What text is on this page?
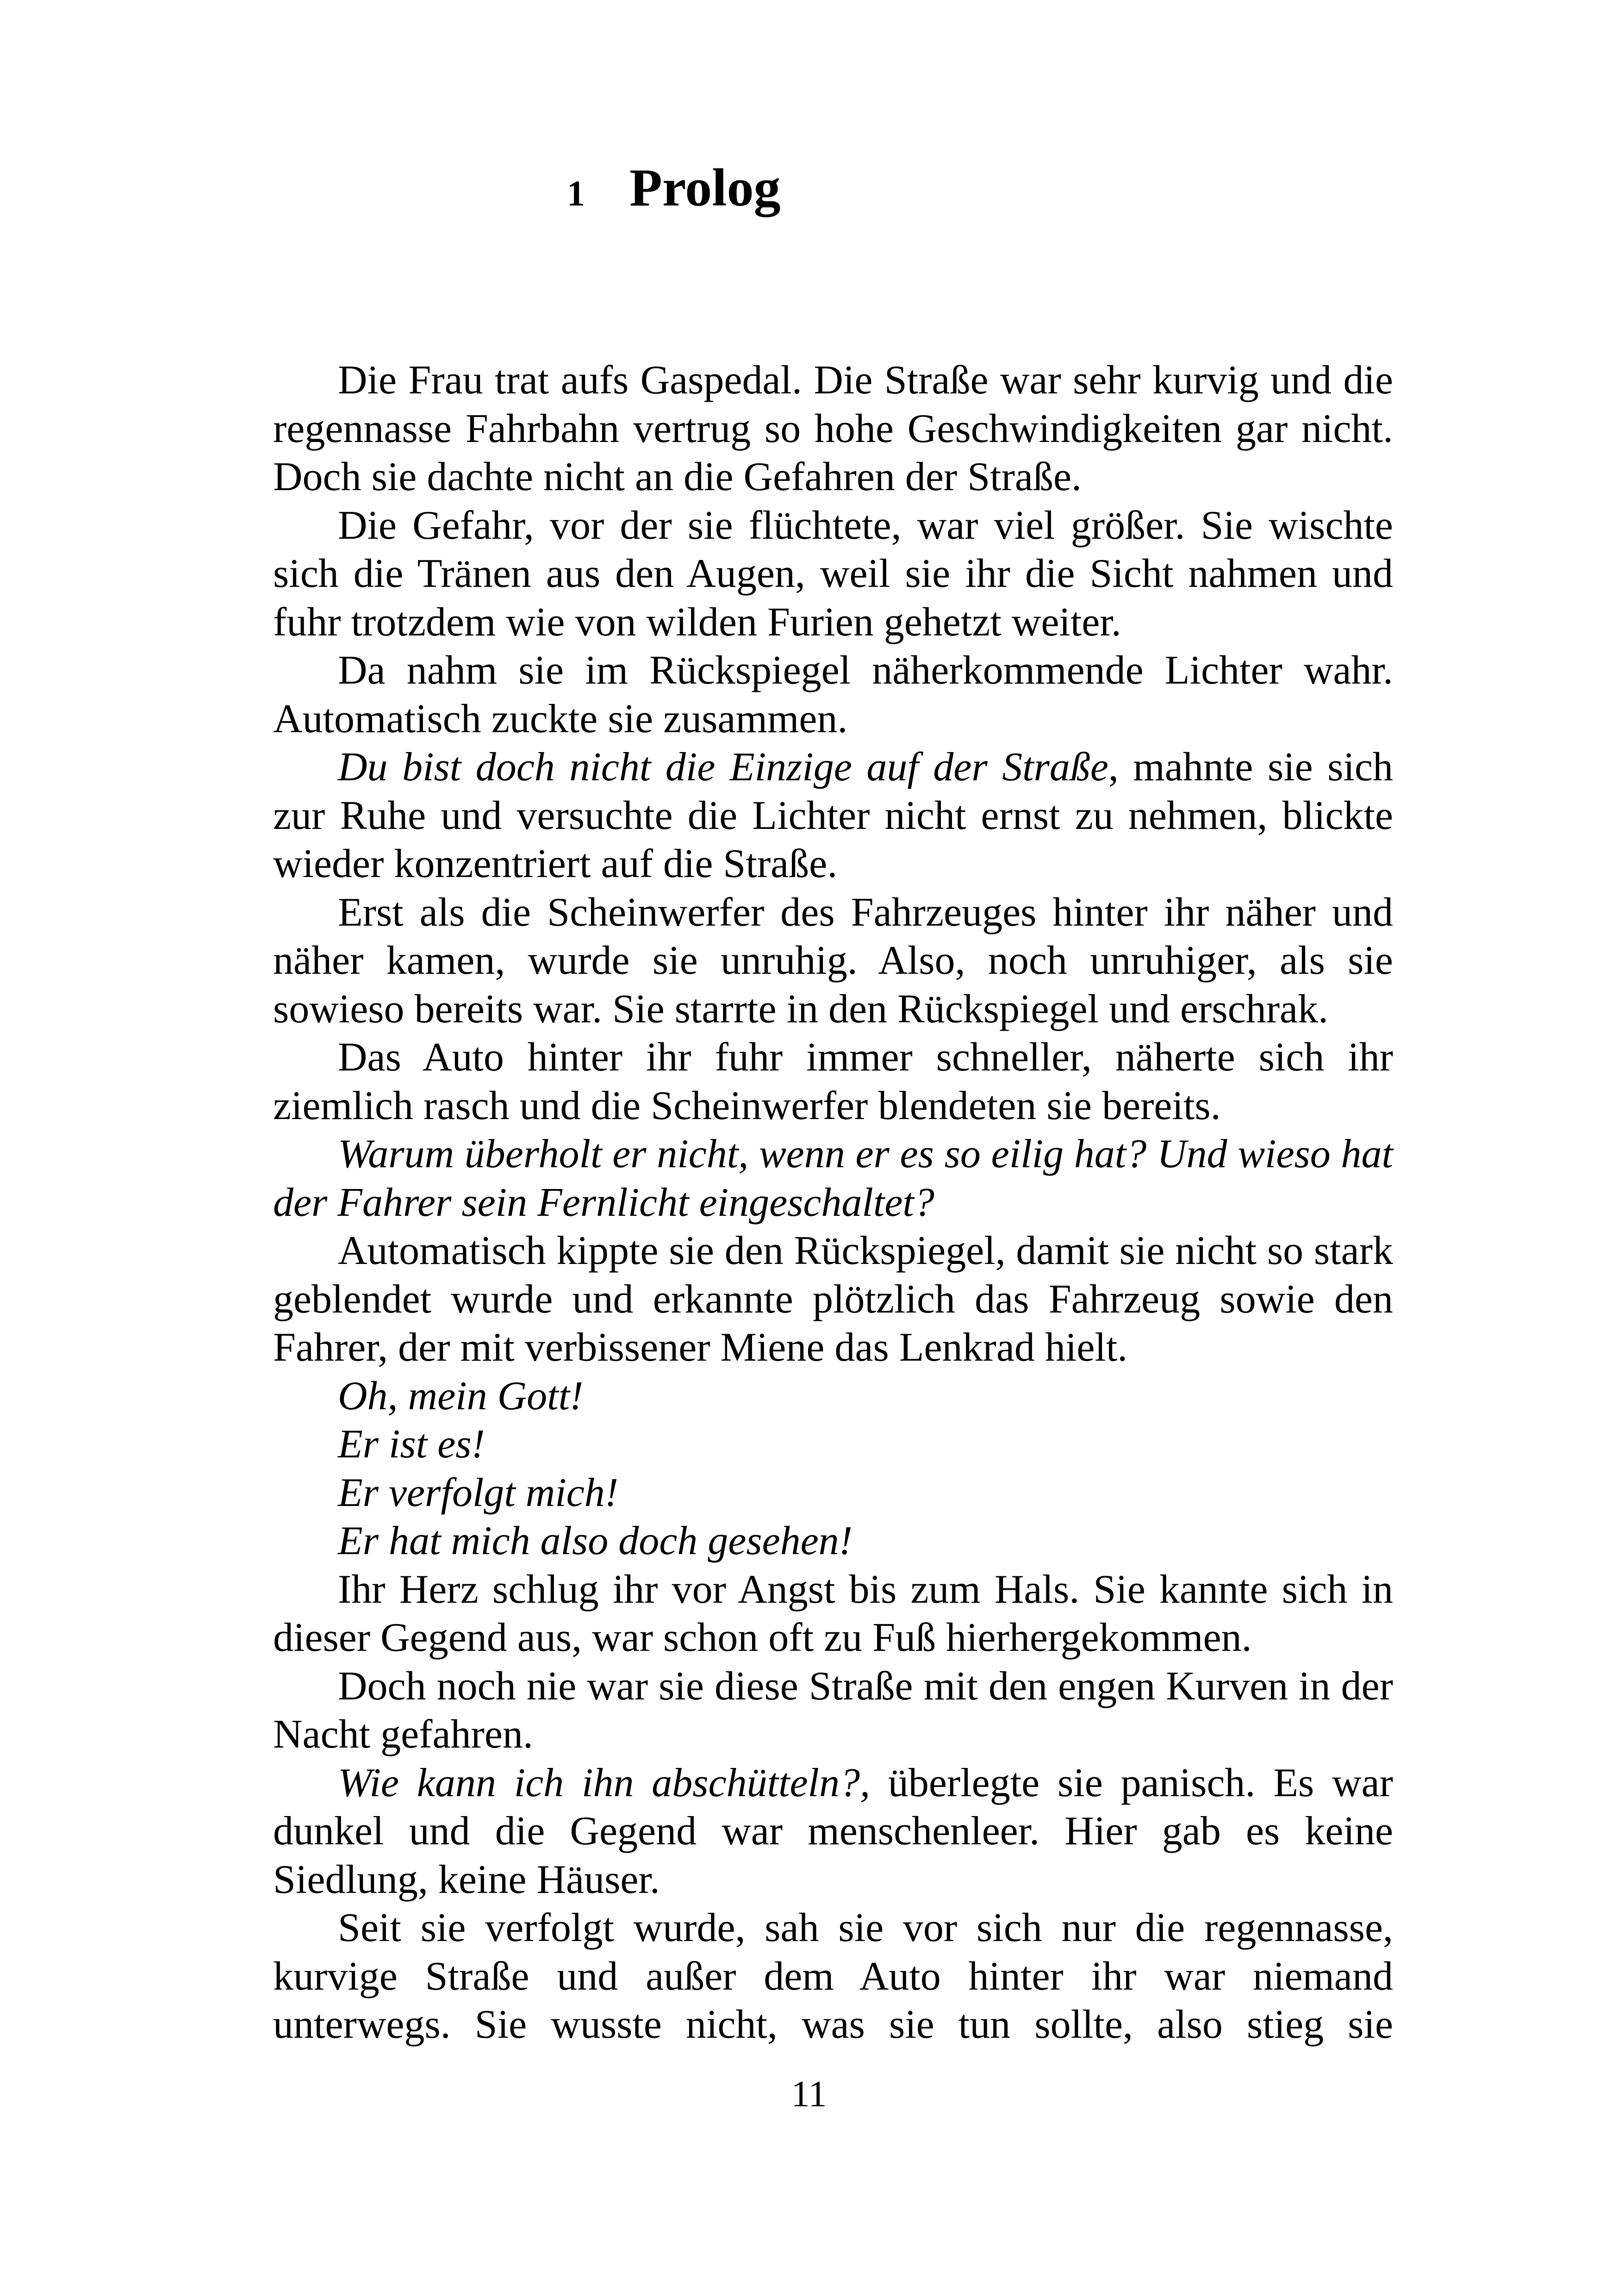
1 Prolog

Die Frau trat aufs Gaspedal. Die Straße war sehr kurvig und die regennasse Fahrbahn vertrug so hohe Geschwindigkeiten gar nicht. Doch sie dachte nicht an die Gefahren der Straße.

Die Gefahr, vor der sie flüchtete, war viel größer. Sie wischte sich die Tränen aus den Augen, weil sie ihr die Sicht nahmen und fuhr trotzdem wie von wilden Furien gehetzt weiter.

Da nahm sie im Rückspiegel näherkommende Lichter wahr. Automatisch zuckte sie zusammen.

Du bist doch nicht die Einzige auf der Straße, mahnte sie sich zur Ruhe und versuchte die Lichter nicht ernst zu nehmen, blickte wieder konzentriert auf die Straße.

Erst als die Scheinwerfer des Fahrzeuges hinter ihr näher und näher kamen, wurde sie unruhig. Also, noch unruhiger, als sie sowieso bereits war. Sie starrte in den Rückspiegel und erschrak.

Das Auto hinter ihr fuhr immer schneller, näherte sich ihr ziemlich rasch und die Scheinwerfer blendeten sie bereits.

Warum überholt er nicht, wenn er es so eilig hat? Und wieso hat der Fahrer sein Fernlicht eingeschaltet?

Automatisch kippte sie den Rückspiegel, damit sie nicht so stark geblendet wurde und erkannte plötzlich das Fahrzeug sowie den Fahrer, der mit verbissener Miene das Lenkrad hielt.

Oh, mein Gott!

Er ist es!

Er verfolgt mich!

Er hat mich also doch gesehen!

Ihr Herz schlug ihr vor Angst bis zum Hals. Sie kannte sich in dieser Gegend aus, war schon oft zu Fuß hierhergekommen.

Doch noch nie war sie diese Straße mit den engen Kurven in der Nacht gefahren.

Wie kann ich ihn abschütteln?, überlegte sie panisch. Es war dunkel und die Gegend war menschenleer. Hier gab es keine Siedlung, keine Häuser.

Seit sie verfolgt wurde, sah sie vor sich nur die regennasse, kurvige Straße und außer dem Auto hinter ihr war niemand unterwegs. Sie wusste nicht, was sie tun sollte, also stieg sie

11
